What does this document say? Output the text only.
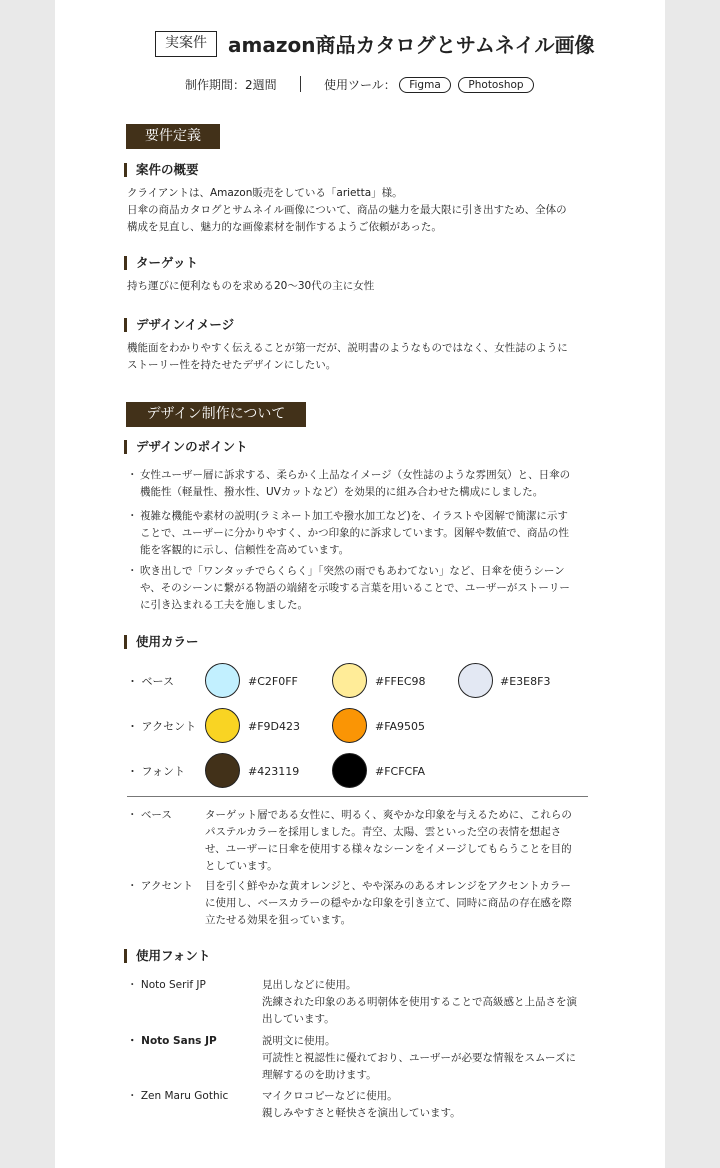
実案件	amazon商品カタログとサムネイル画像
制作期間：2週間	使用ツール：	Figma	Photoshop
要件定義
案件の概要
クライアントは、Amazon販売をしている「arietta」様。
日傘の商品カタログとサムネイル画像について、商品の魅力を最大限に引き出すため、全体の
構成を見直し、魅力的な画像素材を制作するようご依頼があった。
ターゲット
持ち運びに便利なものを求める20〜30代の主に女性
デザインイメージ
機能面をわかりやすく伝えることが第一だが、説明書のようなものではなく、女性誌のように
ストーリー性を持たせたデザインにしたい。
デザイン制作について
デザインのポイント
・ 女性ユーザー層に訴求する、柔らかく上品なイメージ（女性誌のような雰囲気）と、日傘の
機能性（軽量性、撥水性、UVカットなど）を効果的に組み合わせた構成にしました。
・ 複雑な機能や素材の説明(ラミネート加工や撥水加工など)を、イラストや図解で簡潔に示す
ことで、ユーザーに分かりやすく、かつ印象的に訴求しています。図解や数値で、商品の性
能を客観的に示し、信頼性を高めています。
・ 吹き出しで「ワンタッチでらくらく」「突然の雨でもあわてない」など、日傘を使うシーン
や、そのシーンに繋がる物語の端緒を示唆する言葉を用いることで、ユーザーがストーリー
に引き込まれる工夫を施しました。
使用カラー
・ ベース	#C2F0FF	#FFEC98	#E3E8F3
・ アクセント	#F9D423	#FA9505
・ フォント	#423119	#FCFCFA
・ ベース	ターゲット層である女性に、明るく、爽やかな印象を与えるために、これらの
パステルカラーを採用しました。青空、太陽、雲といった空の表情を想起さ
せ、ユーザーに日傘を使用する様々なシーンをイメージしてもらうことを目的
としています。
・ アクセント 目を引く鮮やかな黄オレンジと、やや深みのあるオレンジをアクセントカラー
に使用し、ベースカラーの穏やかな印象を引き立て、同時に商品の存在感を際
立たせる効果を狙っています。
使用フォント
・ Noto Serif JP	見出しなどに使用。
洗練された印象のある明朝体を使用することで高級感と上品さを演
出しています。
・ Noto Sans JP	説明文に使用。
可読性と視認性に優れており、ユーザーが必要な情報をスムーズに
理解するのを助けます。
・ Zen Maru Gothic	マイクロコピーなどに使用。
親しみやすさと軽快さを演出しています。
